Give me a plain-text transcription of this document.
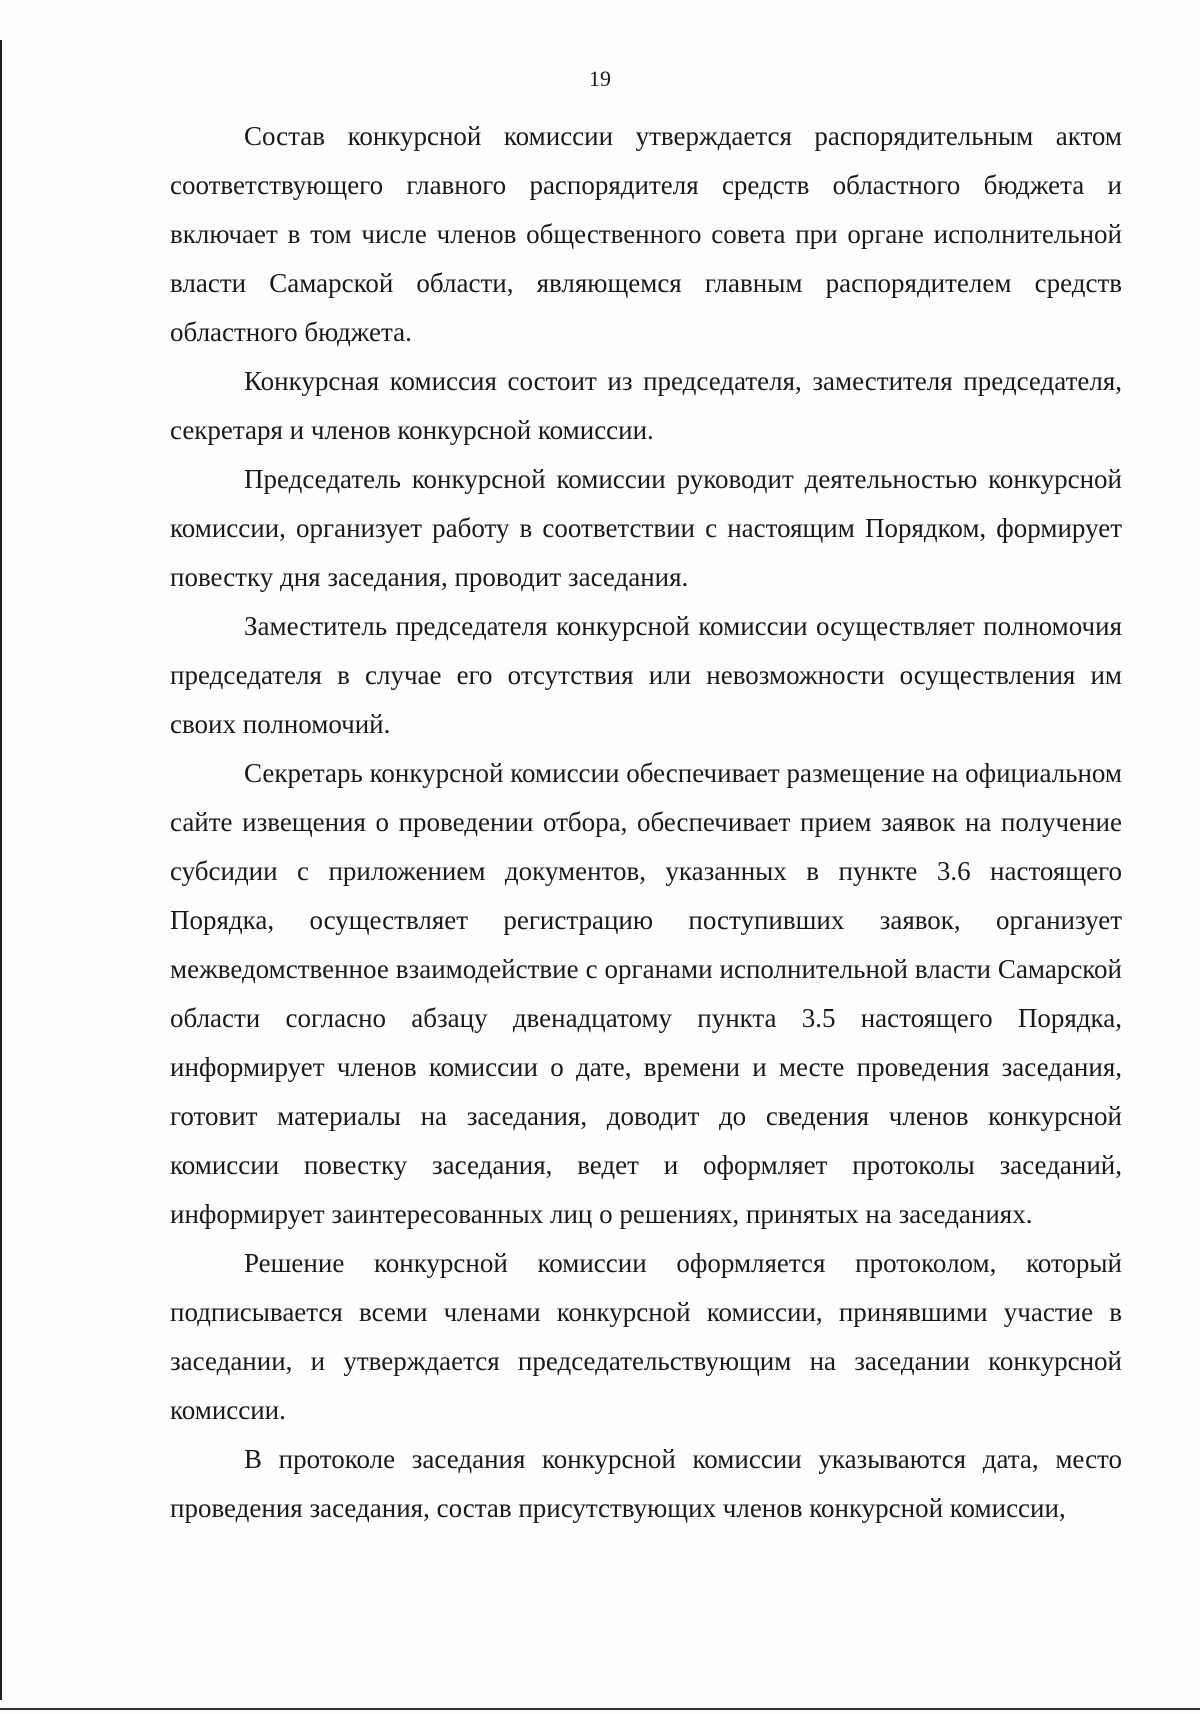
19

Состав конкурсной комиссии утверждается распорядительным актом соответствующего главного распорядителя средств областного бюджета и включает в том числе членов общественного совета при органе исполнительной власти Самарской области, являющемся главным распорядителем средств областного бюджета.

Конкурсная комиссия состоит из председателя, заместителя председателя, секретаря и членов конкурсной комиссии.

Председатель конкурсной комиссии руководит деятельностью конкурсной комиссии, организует работу в соответствии с настоящим Порядком, формирует повестку дня заседания, проводит заседания.

Заместитель председателя конкурсной комиссии осуществляет полномочия председателя в случае его отсутствия или невозможности осуществления им своих полномочий.

Секретарь конкурсной комиссии обеспечивает размещение на официальном сайте извещения о проведении отбора, обеспечивает прием заявок на получение субсидии с приложением документов, указанных в пункте 3.6 настоящего Порядка, осуществляет регистрацию поступивших заявок, организует межведомственное взаимодействие с органами исполнительной власти Самарской области согласно абзацу двенадцатому пункта 3.5 настоящего Порядка, информирует членов комиссии о дате, времени и месте проведения заседания, готовит материалы на заседания, доводит до сведения членов конкурсной комиссии повестку заседания, ведет и оформляет протоколы заседаний, информирует заинтересованных лиц о решениях, принятых на заседаниях.

Решение конкурсной комиссии оформляется протоколом, который подписывается всеми членами конкурсной комиссии, принявшими участие в заседании, и утверждается председательствующим на заседании конкурсной комиссии.

В протоколе заседания конкурсной комиссии указываются дата, место проведения заседания, состав присутствующих членов конкурсной комиссии,
